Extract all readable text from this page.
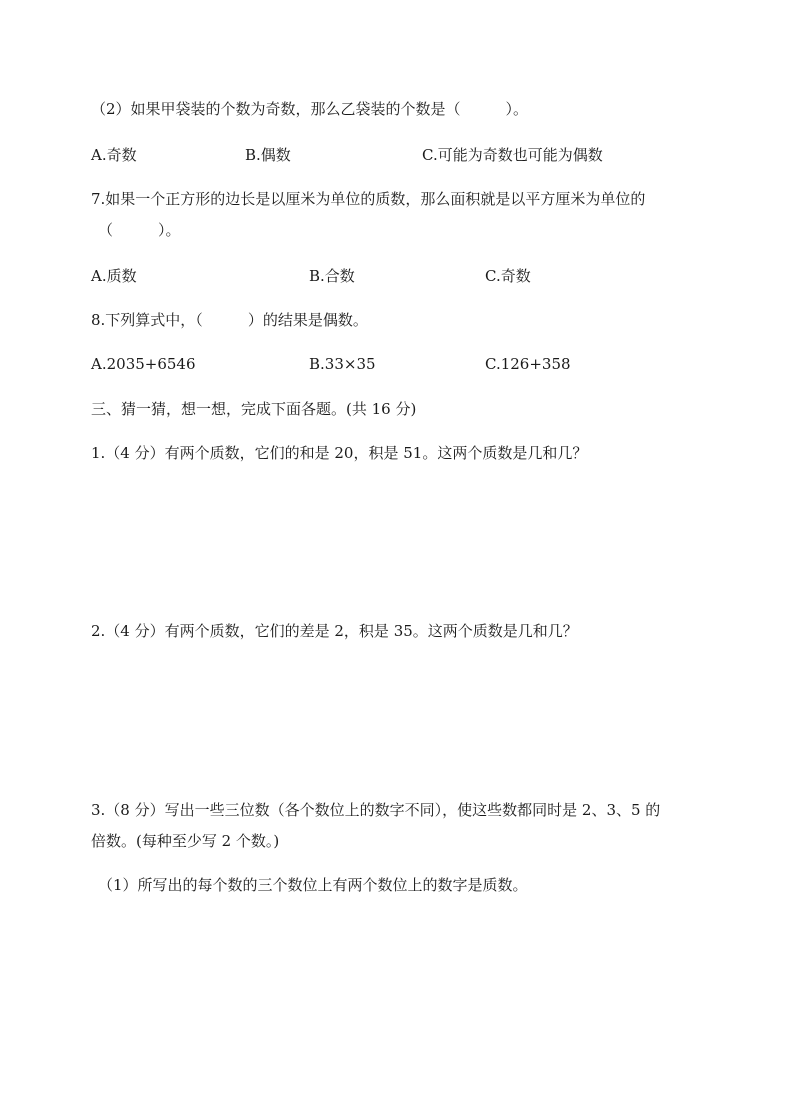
（2）如果甲袋装的个数为奇数，那么乙袋装的个数是（　　　）。
A.奇数	B.偶数	C.可能为奇数也可能为偶数
7.如果一个正方形的边长是以厘米为单位的质数，那么面积就是以平方厘米为单位的
（　　　）。
A.质数	B.合数	C.奇数
8.下列算式中，（　　　）的结果是偶数。
A.2035+6546	B.33×35	C.126+358
三、猜一猜，想一想，完成下面各题。(共 16 分)
1.（4 分）有两个质数，它们的和是 20，积是 51。这两个质数是几和几？
2.（4 分）有两个质数，它们的差是 2，积是 35。这两个质数是几和几？
3.（8 分）写出一些三位数（各个数位上的数字不同），使这些数都同时是 2、3、5 的
倍数。(每种至少写 2 个数。)
（1）所写出的每个数的三个数位上有两个数位上的数字是质数。
